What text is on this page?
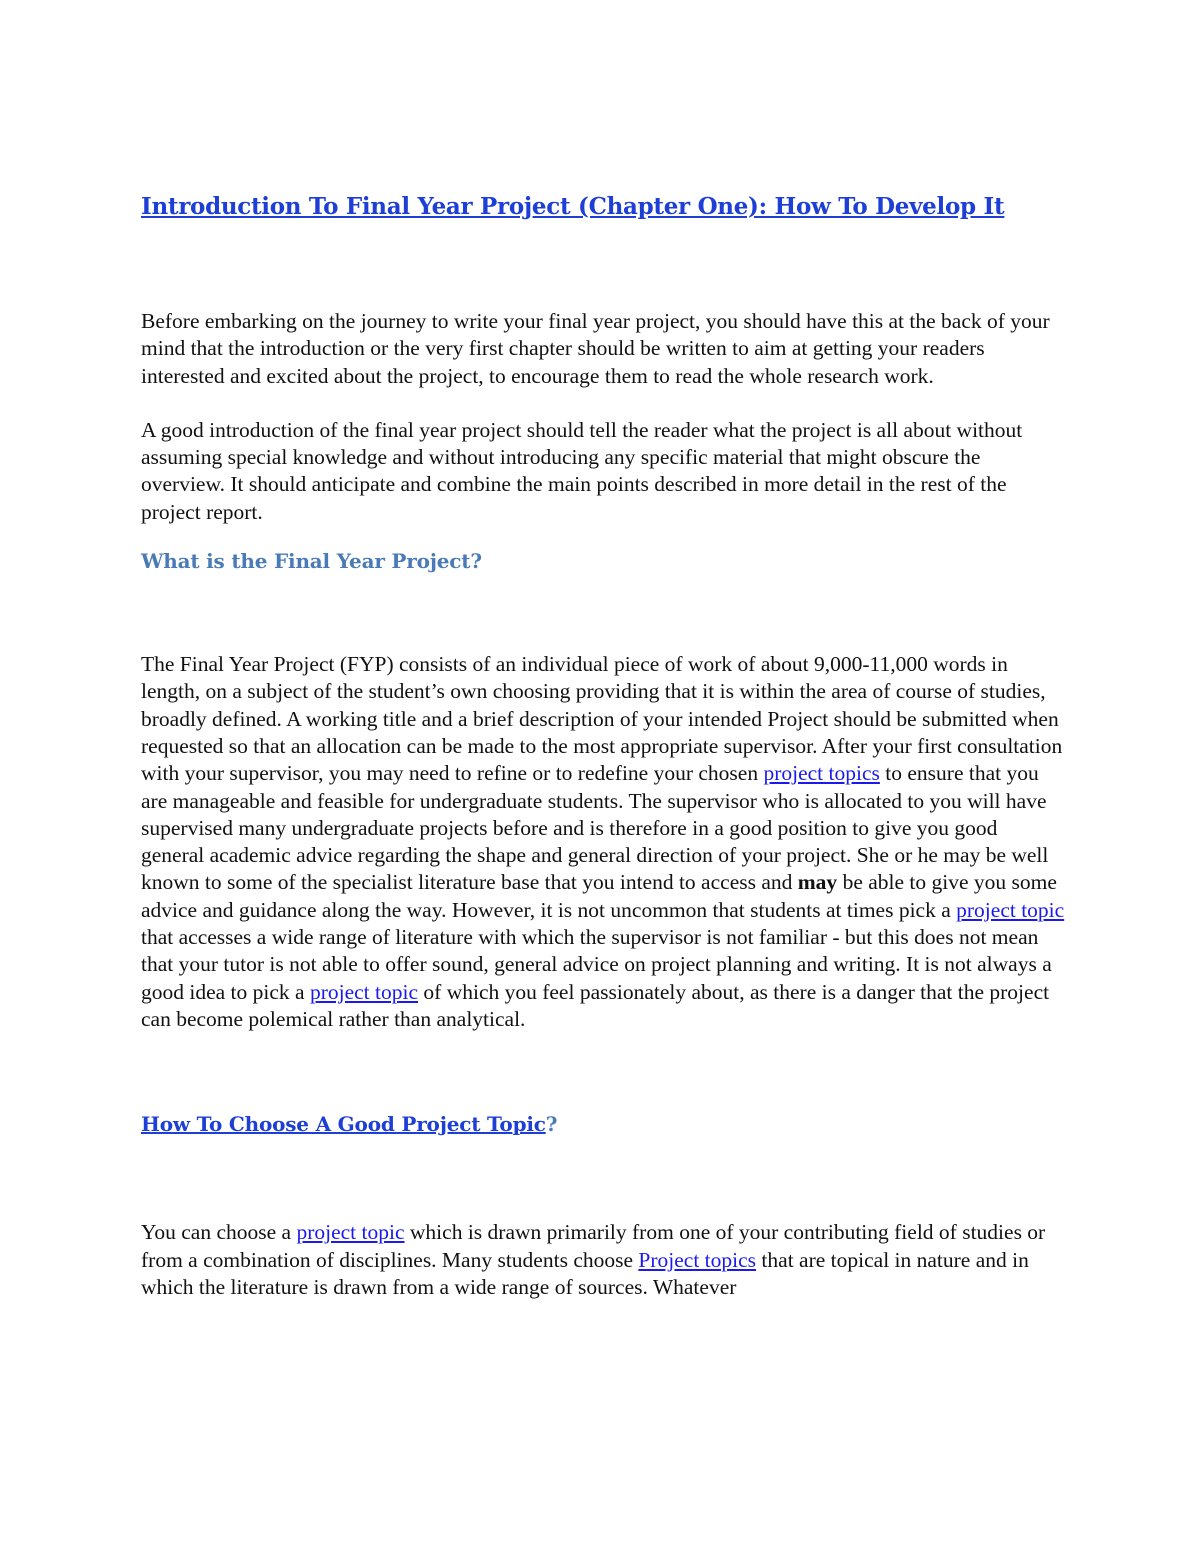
Introduction To Final Year Project (Chapter One): How To Develop It

Before embarking on the journey to write your final year project, you should have this at the back of your mind that the introduction or the very first chapter should be written to aim at getting your readers interested and excited about the project, to encourage them to read the whole research work.

A good introduction of the final year project should tell the reader what the project is all about without assuming special knowledge and without introducing any specific material that might obscure the overview. It should anticipate and combine the main points described in more detail in the rest of the project report.

What is the Final Year Project?

The Final Year Project (FYP) consists of an individual piece of work of about 9,000-11,000 words in length, on a subject of the student’s own choosing providing that it is within the area of course of studies, broadly defined. A working title and a brief description of your intended Project should be submitted when requested so that an allocation can be made to the most appropriate supervisor. After your first consultation with your supervisor, you may need to refine or to redefine your chosen project topics to ensure that you are manageable and feasible for undergraduate students. The supervisor who is allocated to you will have supervised many undergraduate projects before and is therefore in a good position to give you good general academic advice regarding the shape and general direction of your project. She or he may be well known to some of the specialist literature base that you intend to access and may be able to give you some advice and guidance along the way. However, it is not uncommon that students at times pick a project topic that accesses a wide range of literature with which the supervisor is not familiar - but this does not mean that your tutor is not able to offer sound, general advice on project planning and writing. It is not always a good idea to pick a project topic of which you feel passionately about, as there is a danger that the project can become polemical rather than analytical.

How To Choose A Good Project Topic?

You can choose a project topic which is drawn primarily from one of your contributing field of studies or from a combination of disciplines. Many students choose Project topics that are topical in nature and in which the literature is drawn from a wide range of sources. Whatever
